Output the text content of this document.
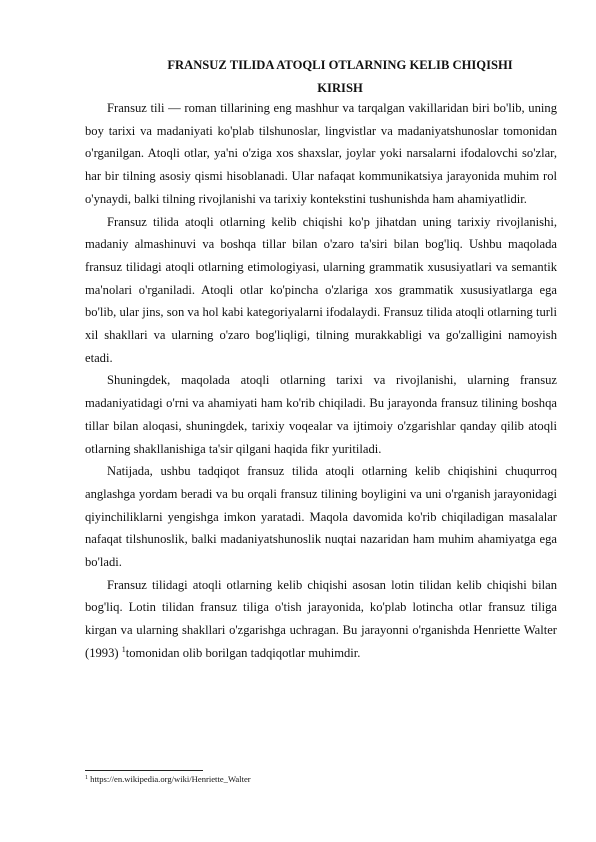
FRANSUZ TILIDA ATOQLI OTLARNING KELIB CHIQISHI
KIRISH

Fransuz tili — roman tillarining eng mashhur va tarqalgan vakillaridan biri bo'lib, uning boy tarixi va madaniyati ko'plab tilshunoslar, lingvistlar va madaniyatshunoslar tomonidan o'rganilgan. Atoqli otlar, ya'ni o'ziga xos shaxslar, joylar yoki narsalarni ifodalovchi so'zlar, har bir tilning asosiy qismi hisoblanadi. Ular nafaqat kommunikatsiya jarayonida muhim rol o'ynaydi, balki tilning rivojlanishi va tarixiy kontekstini tushunishda ham ahamiyatlidir.

Fransuz tilida atoqli otlarning kelib chiqishi ko'p jihatdan uning tarixiy rivojlanishi, madaniy almashinuvi va boshqa tillar bilan o'zaro ta'siri bilan bog'liq. Ushbu maqolada fransuz tilidagi atoqli otlarning etimologiyasi, ularning grammatik xususiyatlari va semantik ma'nolari o'rganiladi. Atoqli otlar ko'pincha o'zlariga xos grammatik xususiyatlarga ega bo'lib, ular jins, son va hol kabi kategoriyalarni ifodalaydi. Fransuz tilida atoqli otlarning turli xil shakllari va ularning o'zaro bog'liqligi, tilning murakkabligi va go'zalligini namoyish etadi.

Shuningdek, maqolada atoqli otlarning tarixi va rivojlanishi, ularning fransuz madaniyatidagi o'rni va ahamiyati ham ko'rib chiqiladi. Bu jarayonda fransuz tilining boshqa tillar bilan aloqasi, shuningdek, tarixiy voqealar va ijtimoiy o'zgarishlar qanday qilib atoqli otlarning shakllanishiga ta'sir qilgani haqida fikr yuritiladi.

Natijada, ushbu tadqiqot fransuz tilida atoqli otlarning kelib chiqishini chuqurroq anglashga yordam beradi va bu orqali fransuz tilining boyligini va uni o'rganish jarayonidagi qiyinchiliklarni yengishga imkon yaratadi. Maqola davomida ko'rib chiqiladigan masalalar nafaqat tilshunoslik, balki madaniyatshunoslik nuqtai nazaridan ham muhim ahamiyatga ega bo'ladi.

Fransuz tilidagi atoqli otlarning kelib chiqishi asosan lotin tilidan kelib chiqishi bilan bog'liq. Lotin tilidan fransuz tiliga o'tish jarayonida, ko'plab lotincha otlar fransuz tiliga kirgan va ularning shakllari o'zgarishga uchragan. Bu jarayonni o'rganishda Henriette Walter (1993) $^1$tomonidan olib borilgan tadqiqotlar muhimdir.

$^1$ https://en.wikipedia.org/wiki/Henriette_Walter
